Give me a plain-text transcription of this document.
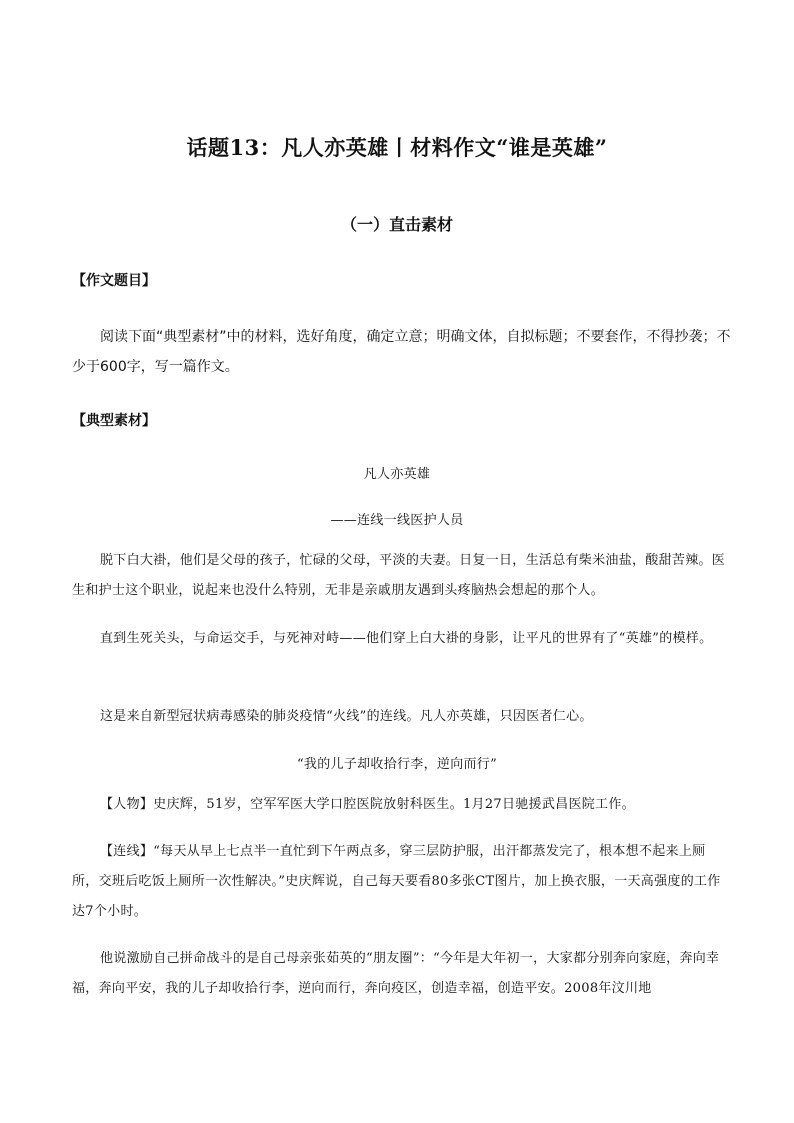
话题13：凡人亦英雄丨材料作文“谁是英雄”
（一）直击素材
【作文题目】
阅读下面“典型素材”中的材料，选好角度，确定立意；明确文体，自拟标题；不要套作，不得抄袭；不少于600字，写一篇作文。
【典型素材】
凡人亦英雄
——连线一线医护人员
脱下白大褂，他们是父母的孩子，忙碌的父母，平淡的夫妻。日复一日，生活总有柴米油盐，酸甜苦辣。医生和护士这个职业，说起来也没什么特别，无非是亲戚朋友遇到头疼脑热会想起的那个人。
直到生死关头，与命运交手，与死神对峙——他们穿上白大褂的身影，让平凡的世界有了“英雄”的模样。
这是来自新型冠状病毒感染的肺炎疫情“火线”的连线。凡人亦英雄，只因医者仁心。
“我的儿子却收拾行李，逆向而行”
【人物】史庆辉，51岁，空军军医大学口腔医院放射科医生。1月27日驰援武昌医院工作。
【连线】“每天从早上七点半一直忙到下午两点多，穿三层防护服，出汗都蒸发完了，根本想不起来上厕所，交班后吃饭上厕所一次性解决。”史庆辉说，自己每天要看80多张CT图片，加上换衣服，一天高强度的工作达7个小时。
他说激励自己拼命战斗的是自己母亲张茹英的“朋友圈”：“今年是大年初一，大家都分别奔向家庭，奔向幸福，奔向平安，我的儿子却收拾行李，逆向而行，奔向疫区，创造幸福，创造平安。2008年汶川地
